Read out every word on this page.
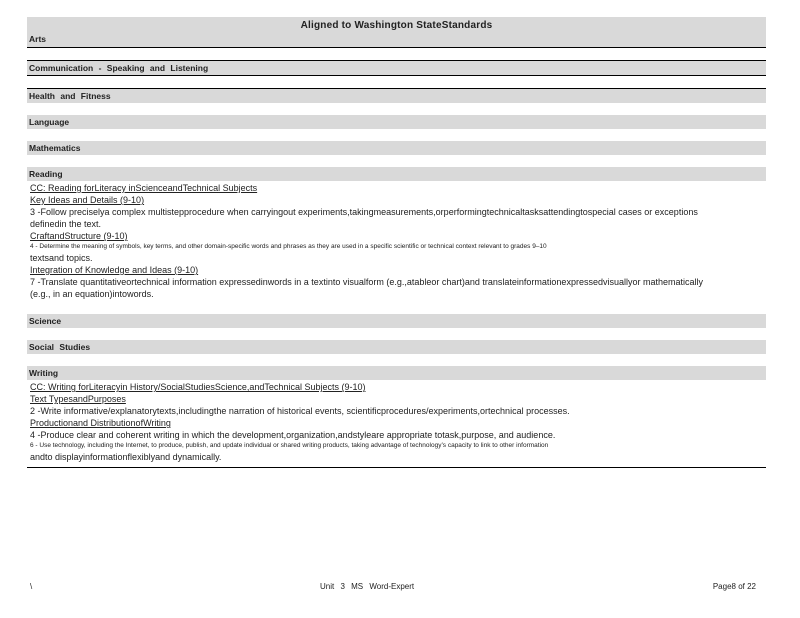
Aligned to Washington StateStandards
Arts
Communication - Speaking and Listening
Health and Fitness
Language
Mathematics
Reading
CC: Reading forLiteracy inScienceandTechnical Subjects
Key Ideas and Details (9-10)
3 -Follow preciselya complex multistepprocedure when carryingout experiments,takingmeasurements,orperformingtechnicaltasksattendingtospecial cases or exceptions
definedin the text.
CraftandStructure (9-10)
4 - Determine the meaning of symbols, key terms, and other domain-specific words and phrases as they are used in a specific scientific or technical context relevant to grades 9–10
textsand topics.
Integration of Knowledge and Ideas (9-10)
7 -Translate quantitativeortechnical information expressedinwords in a textinto visualform (e.g.,atableor chart)and translateinformationexpressedvisuallyor mathematically
(e.g., in an equation)intowords.
Science
Social Studies
Writing
CC: Writing forLiteracyin History/SocialStudiesScience,andTechnical Subjects (9-10)
Text TypesandPurposes
2 -Write informative/explanatorytexts,includingthe narration of historical events, scientificprocedures/experiments,ortechnical processes.
Productionand DistributionofWriting
4 -Produce clear and coherent writing in which the development,organization,andstyleare appropriate totask,purpose, and audience.
6 - Use technology, including the Internet, to produce, publish, and update individual or shared writing products, taking advantage of technology’s capacity to link to other information
andto displayinformationflexiblyand dynamically.
\	Unit 3 MS Word-Expert	Page8 of 22
